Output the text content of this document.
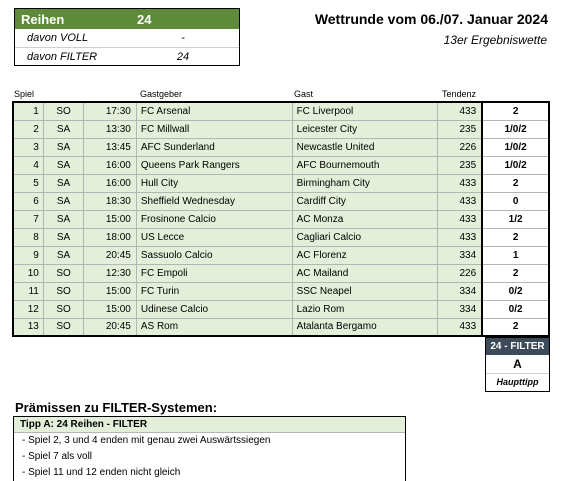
Reihen	24
davon VOLL	-
davon FILTER	24
Wettrunde vom 06./07. Januar 2024
13er Ergebniswette
Spiel	Gastgeber	Gast	Tendenz
1	SO	17:30	FC Arsenal	FC Liverpool	433	2
2	SA	13:30	FC Millwall	Leicester City	235	1/0/2
3	SA	13:45	AFC Sunderland	Newcastle United	226	1/0/2
4	SA	16:00	Queens Park Rangers	AFC Bournemouth	235	1/0/2
5	SA	16:00	Hull City	Birmingham City	433	2
6	SA	18:30	Sheffield Wednesday	Cardiff City	433	0
7	SA	15:00	Frosinone Calcio	AC Monza	433	1/2
8	SA	18:00	US Lecce	Cagliari Calcio	433	2
9	SA	20:45	Sassuolo Calcio	AC Florenz	334	1
10	SO	12:30	FC Empoli	AC Mailand	226	2
11	SO	15:00	FC Turin	SSC Neapel	334	0/2
12	SO	15:00	Udinese Calcio	Lazio Rom	334	0/2
13	SO	20:45	AS Rom	Atalanta Bergamo	433	2
24 - FILTER
A
Haupttipp
Prämissen zu FILTER-Systemen:
Tipp A: 24 Reihen - FILTER
- Spiel 2, 3 und 4 enden mit genau zwei Auswärtssiegen
- Spiel 7 als voll
- Spiel 11 und 12 enden nicht gleich
